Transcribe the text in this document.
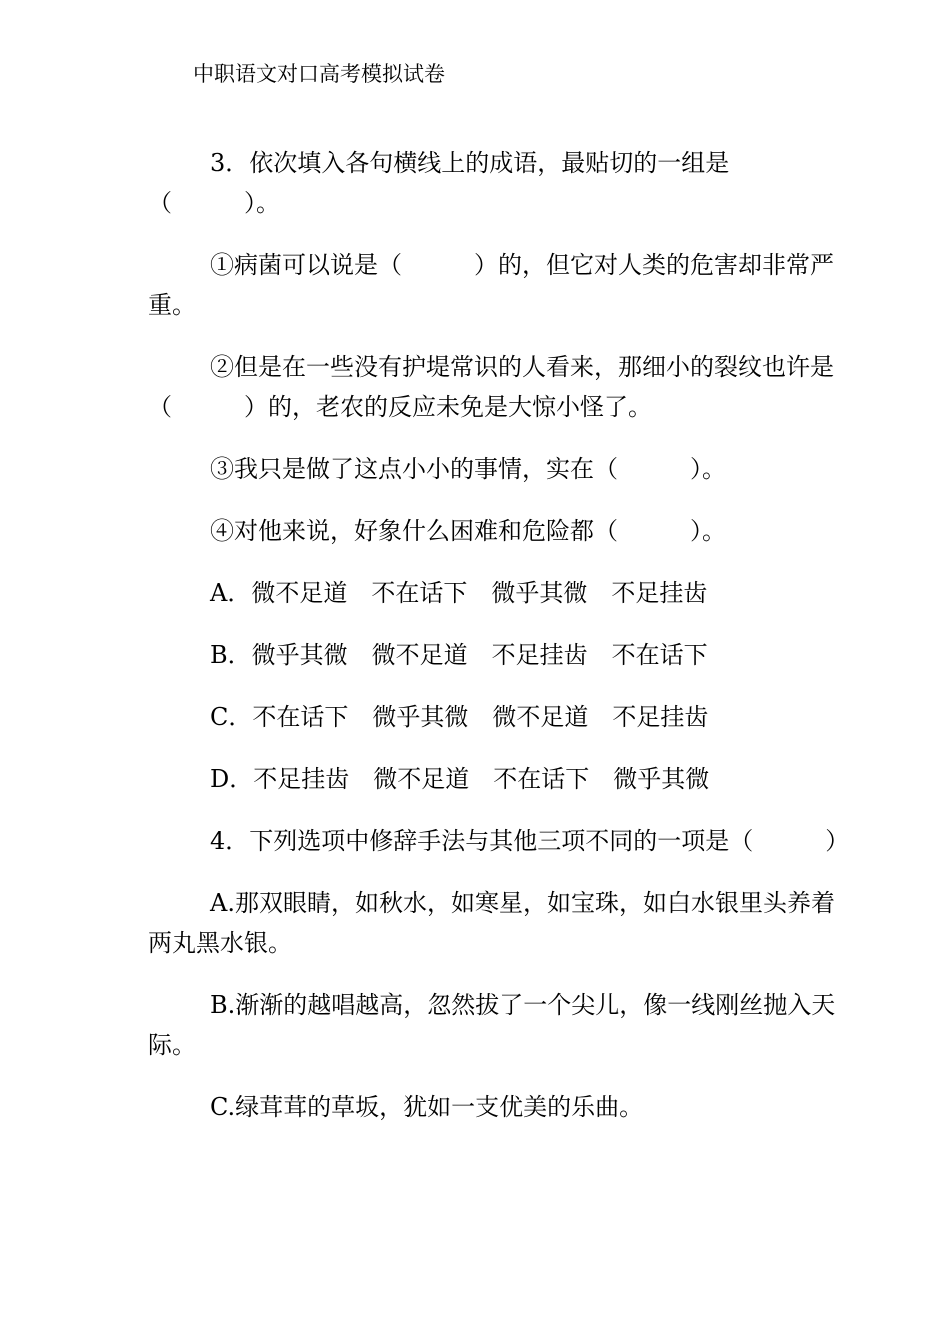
中职语文对口高考模拟试卷

3．依次填入各句横线上的成语，最贴切的一组是（　　　）。

①病菌可以说是（　　　）的，但它对人类的危害却非常严重。

②但是在一些没有护堤常识的人看来，那细小的裂纹也许是（　　　）的，老农的反应未免是大惊小怪了。

③我只是做了这点小小的事情，实在（　　　）。

④对他来说，好象什么困难和危险都（　　　）。

A．微不足道　不在话下　微乎其微　不足挂齿

B．微乎其微　微不足道　不足挂齿　不在话下

C．不在话下　微乎其微　微不足道　不足挂齿

D．不足挂齿　微不足道　不在话下　微乎其微

4．下列选项中修辞手法与其他三项不同的一项是（　　　）

A.那双眼睛，如秋水，如寒星，如宝珠，如白水银里头养着两丸黑水银。

B.渐渐的越唱越高，忽然拔了一个尖儿，像一线刚丝抛入天际。

C.绿茸茸的草坂，犹如一支优美的乐曲。
